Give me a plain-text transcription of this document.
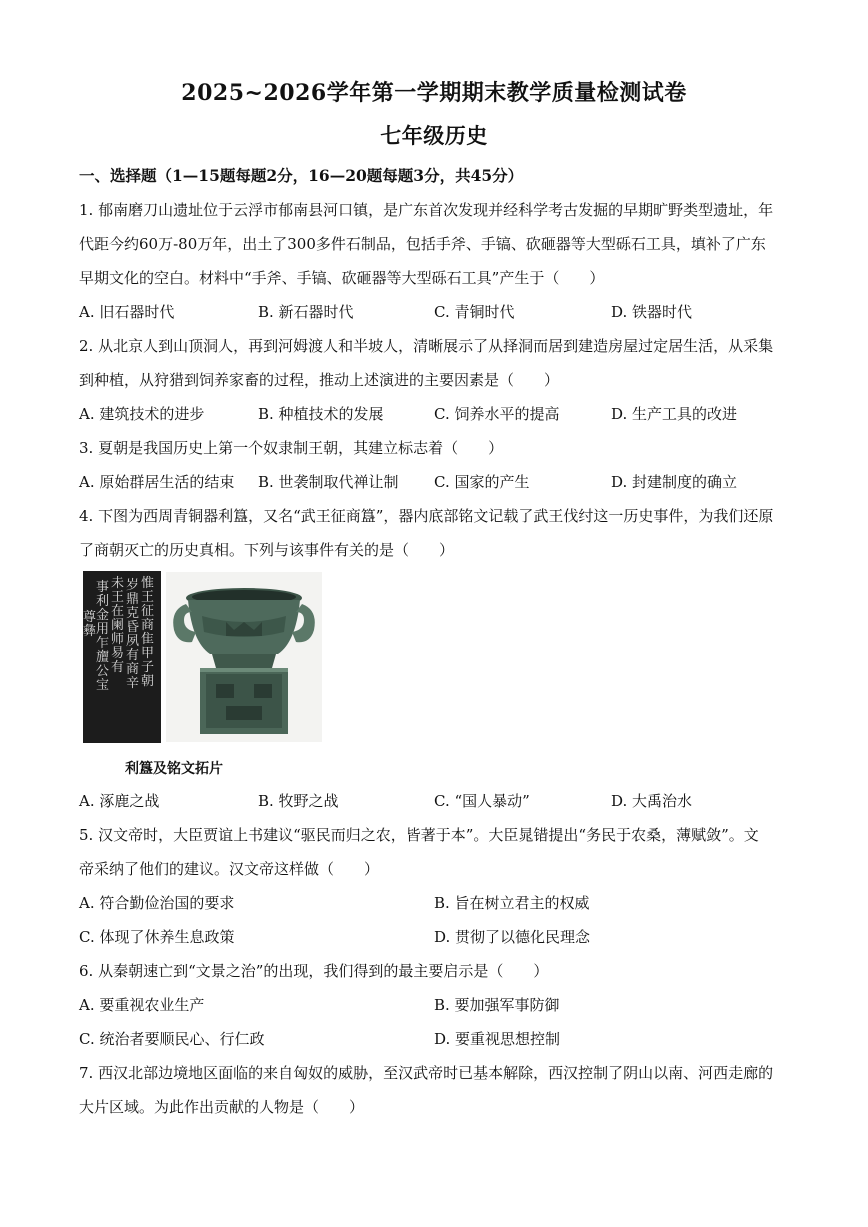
2025~2026学年第一学期期末教学质量检测试卷
七年级历史
一、选择题（1—15题每题2分，16—20题每题3分，共45分）
1. 郁南磨刀山遗址位于云浮市郁南县河口镇，是广东首次发现并经科学考古发掘的早期旷野类型遗址，年
代距今约60万-80万年，出土了300多件石制品，包括手斧、手镐、砍砸器等大型砾石工具，填补了广东
早期文化的空白。材料中“手斧、手镐、砍砸器等大型砾石工具”产生于（　　）
A. 旧石器时代	B. 新石器时代	C. 青铜时代	D. 铁器时代
2. 从北京人到山顶洞人，再到河姆渡人和半坡人，清晰展示了从择洞而居到建造房屋过定居生活，从采集
到种植，从狩猎到饲养家畜的过程，推动上述演进的主要因素是（　　）
A. 建筑技术的进步	B. 种植技术的发展	C. 饲养水平的提高	D. 生产工具的改进
3. 夏朝是我国历史上第一个奴隶制王朝，其建立标志着（　　）
A. 原始群居生活的结束 B. 世袭制取代禅让制 C. 国家的产生	D. 封建制度的确立
4. 下图为西周青铜器利簋，又名“武王征商簋”，器内底部铭文记载了武王伐纣这一历史事件，为我们还原
了商朝灭亡的历史真相。下列与该事件有关的是（　　）
惟王征商隹甲子朝
岁鼎克昏夙有商辛
未王在阑师易有
事利金用乍旜公宝
尊彝
利簋及铭文拓片
A. 涿鹿之战	B. 牧野之战	C. “国人暴动”	D. 大禹治水
5. 汉文帝时，大臣贾谊上书建议“驱民而归之农，皆著于本”。大臣晁错提出“务民于农桑，薄赋敛”。文
帝采纳了他们的建议。汉文帝这样做（　　）
A. 符合勤俭治国的要求	B. 旨在树立君主的权威
C. 体现了休养生息政策	D. 贯彻了以德化民理念
6. 从秦朝速亡到“文景之治”的出现，我们得到的最主要启示是（　　）
A. 要重视农业生产	B. 要加强军事防御
C. 统治者要顺民心、行仁政	D. 要重视思想控制
7. 西汉北部边境地区面临的来自匈奴的威胁，至汉武帝时已基本解除，西汉控制了阴山以南、河西走廊的
大片区域。为此作出贡献的人物是（　　）
